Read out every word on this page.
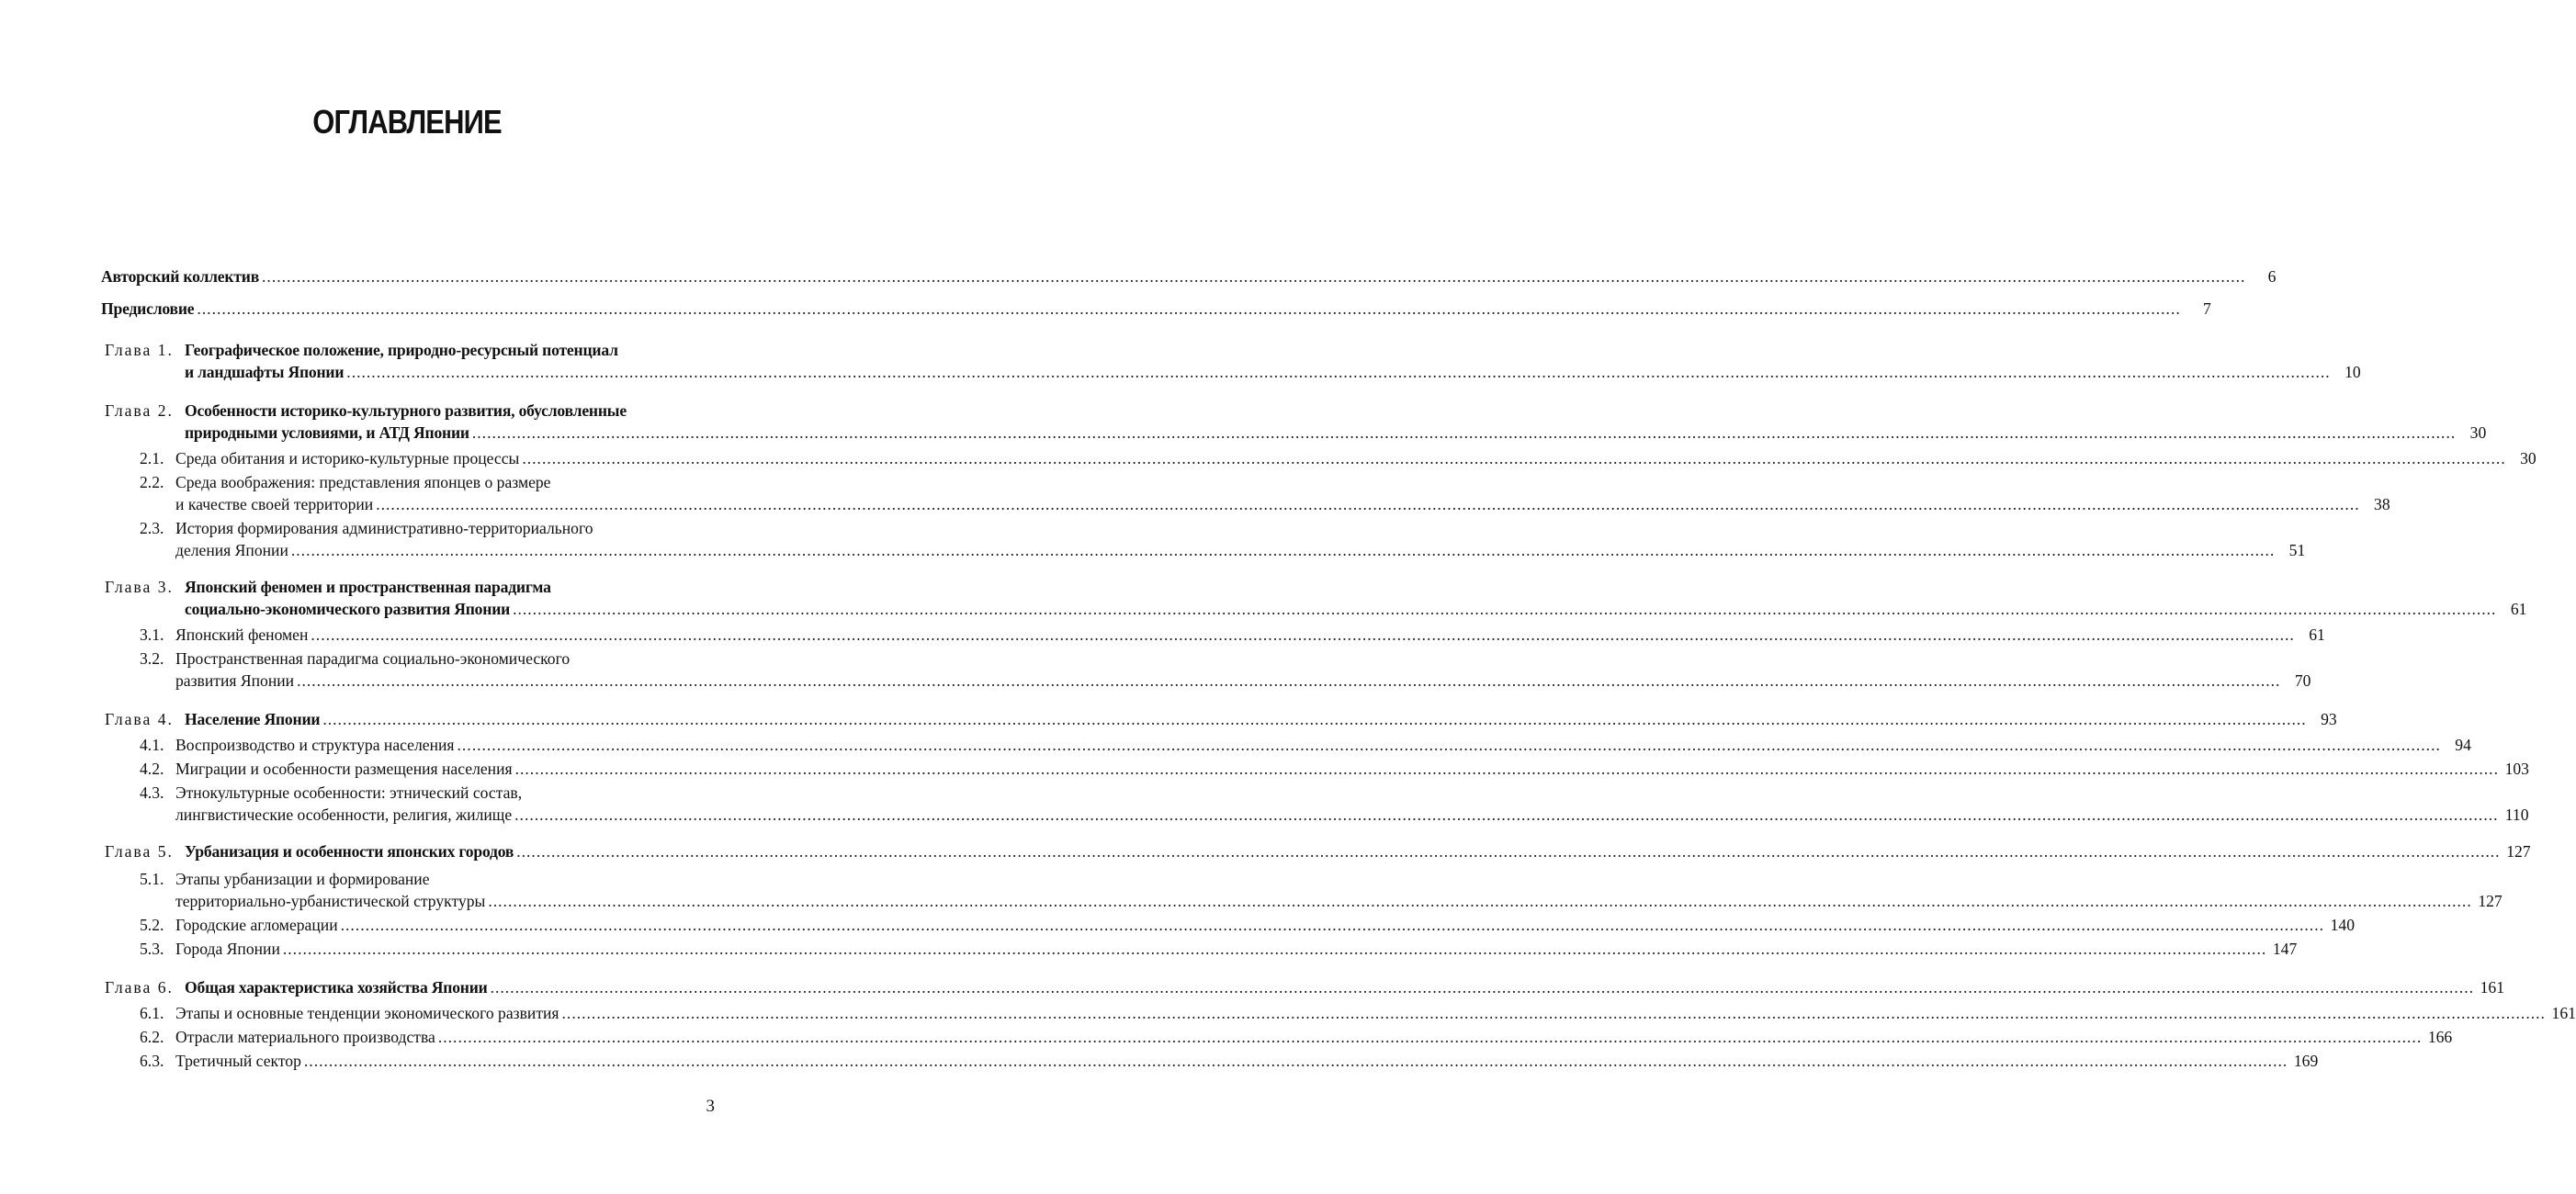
ОГЛАВЛЕНИЕ
Авторский коллектив ................................................................................................................................................................................................................................................................................................................................................................................................................	6
Предисловие ................................................................................................................................................................................................................................................................................................................................................................................................................	7
Глава 1. Географическое положение, природно-ресурсный потенциал
и ландшафты Японии ................................................................................................................................................................................................................................................................................................................................................................................................................ 10
Глава 2. Особенности историко-культурного развития, обусловленные
природными условиями, и АТД Японии ................................................................................................................................................................................................................................................................................................................................................................................................................ 30
2.1. Среда обитания и историко-культурные процессы ................................................................................................................................................................................................................................................................................................................................................................................................................ 30
2.2. Среда воображения: представления японцев о размере
и качестве своей территории ................................................................................................................................................................................................................................................................................................................................................................................................................ 38
2.3. История формирования административно-территориального
деления Японии ................................................................................................................................................................................................................................................................................................................................................................................................................ 51
Глава 3. Японский феномен и пространственная парадигма
социально-экономического развития Японии ................................................................................................................................................................................................................................................................................................................................................................................................................ 61
3.1. Японский феномен ................................................................................................................................................................................................................................................................................................................................................................................................................ 61
3.2. Пространственная парадигма социально-экономического
развития Японии ................................................................................................................................................................................................................................................................................................................................................................................................................ 70
Глава 4. Население Японии ................................................................................................................................................................................................................................................................................................................................................................................................................ 93
4.1. Воспроизводство и структура населения ................................................................................................................................................................................................................................................................................................................................................................................................................ 94
4.2. Миграции и особенности размещения населения ................................................................................................................................................................................................................................................................................................................................................................................................................ 103
4.3. Этнокультурные особенности: этнический состав,
лингвистические особенности, религия, жилище ................................................................................................................................................................................................................................................................................................................................................................................................................ 110
Глава 5. Урбанизация и особенности японских городов ................................................................................................................................................................................................................................................................................................................................................................................................................ 127
5.1. Этапы урбанизации и формирование
территориально-урбанистической структуры ................................................................................................................................................................................................................................................................................................................................................................................................................ 127
5.2. Городские агломерации ................................................................................................................................................................................................................................................................................................................................................................................................................ 140
5.3. Города Японии ................................................................................................................................................................................................................................................................................................................................................................................................................ 147
Глава 6. Общая характеристика хозяйства Японии ................................................................................................................................................................................................................................................................................................................................................................................................................ 161
6.1. Этапы и основные тенденции экономического развития ................................................................................................................................................................................................................................................................................................................................................................................................................ 161
6.2. Отрасли материального производства ................................................................................................................................................................................................................................................................................................................................................................................................................ 166
6.3. Третичный сектор ................................................................................................................................................................................................................................................................................................................................................................................................................ 169
3
